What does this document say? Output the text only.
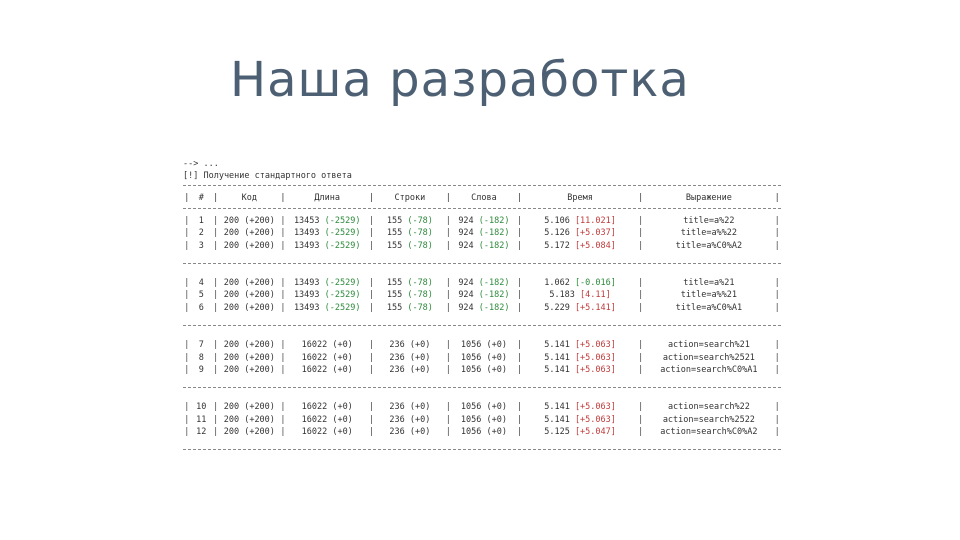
Наша разработка
--> ...
[!] Получение стандартного ответа
|	#	|	Код	|	Длина	|	Строки	|	Слова	|	Время	|	Выражение	|
|	1	| 200 (+200) | 13453 (-2529) |	155 (-78)	| 924 (-182) |	5.106 [11.021]	|	title=a%22	|
|	2	| 200 (+200) | 13493 (-2529) |	155 (-78)	| 924 (-182) |	5.126 [+5.037]	|	title=a%%22	|
|	3	| 200 (+200) | 13493 (-2529) |	155 (-78)	| 924 (-182) |	5.172 [+5.084]	|	title=a%C0%A2	|
|	4	| 200 (+200) | 13493 (-2529) |	155 (-78)	| 924 (-182) |	1.062 [-0.016]	|	title=a%21	|
|	5	| 200 (+200) | 13493 (-2529) |	155 (-78)	| 924 (-182) |	5.183 [4.11]	|	title=a%%21	|
|	6	| 200 (+200) | 13493 (-2529) |	155 (-78)	| 924 (-182) |	5.229 [+5.141]	|	title=a%C0%A1	|
|	7	| 200 (+200) |	16022 (+0)	|	236 (+0)	|	1056 (+0)	|	5.141 [+5.063]	|	action=search%21	|
|	8	| 200 (+200) |	16022 (+0)	|	236 (+0)	|	1056 (+0)	|	5.141 [+5.063]	|	action=search%2521	|
|	9	| 200 (+200) |	16022 (+0)	|	236 (+0)	|	1056 (+0)	|	5.141 [+5.063]	|	action=search%C0%A1	|
| 10 | 200 (+200) |	16022 (+0)	|	236 (+0)	|	1056 (+0)	|	5.141 [+5.063]	|	action=search%22	|
| 11 | 200 (+200) |	16022 (+0)	|	236 (+0)	|	1056 (+0)	|	5.141 [+5.063]	|	action=search%2522	|
| 12 | 200 (+200) |	16022 (+0)	|	236 (+0)	|	1056 (+0)	|	5.125 [+5.047]	|	action=search%C0%A2	|
